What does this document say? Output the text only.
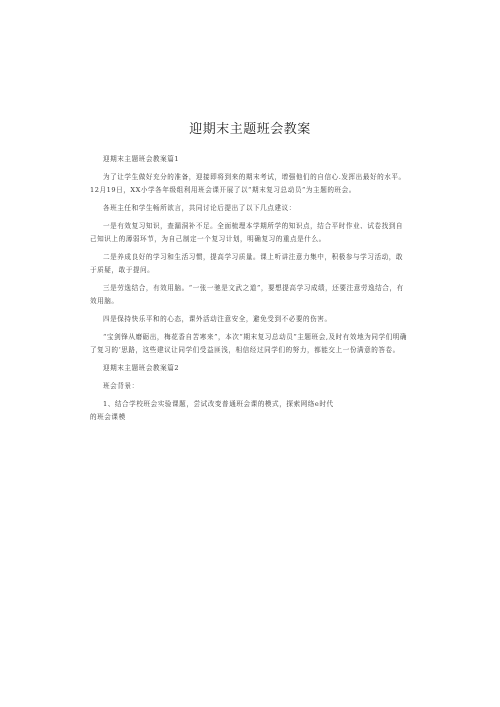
迎期末主题班会教案

迎期末主题班会教案篇1

为了让学生做好充分的准备，迎接即将到来的期末考试，增强他们的自信心.发挥出最好的水平。12月19日，XX小学各年级组利用班会课开展了以“期末复习总动员”为主题的班会。

各班主任和学生畅所欲言，共同讨论后提出了以下几点建议：

一是有效复习知识，查漏洞补不足。全面梳理本学期所学的知识点，结合平时作业、试卷找到自己知识上的薄弱环节，为自己制定一个复习计划，明确复习的重点是什么。

二是养成良好的学习和生活习惯，提高学习质量。课上听讲注意力集中，积极参与学习活动，敢于质疑，敢于提问。

三是劳逸结合，有效用脑。“一张一驰是文武之道”，要想提高学习成绩，还要注意劳逸结合，有效用脑。

四是保持快乐平和的心态，课外活动注意安全，避免受到不必要的伤害。

“宝剑锋从磨砺出，梅花香自苦寒来”，本次“期末复习总动员”主题班会,及时有效地为同学们明确了复习的‘思路，这些建议让同学们受益匪浅，相信经过同学们的努力，都能交上一份满意的答卷。

迎期末主题班会教案篇2

班会背景：

1、结合学校班会实验课题，尝试改变普通班会课的模式，探索网络e时代

的班会课模
